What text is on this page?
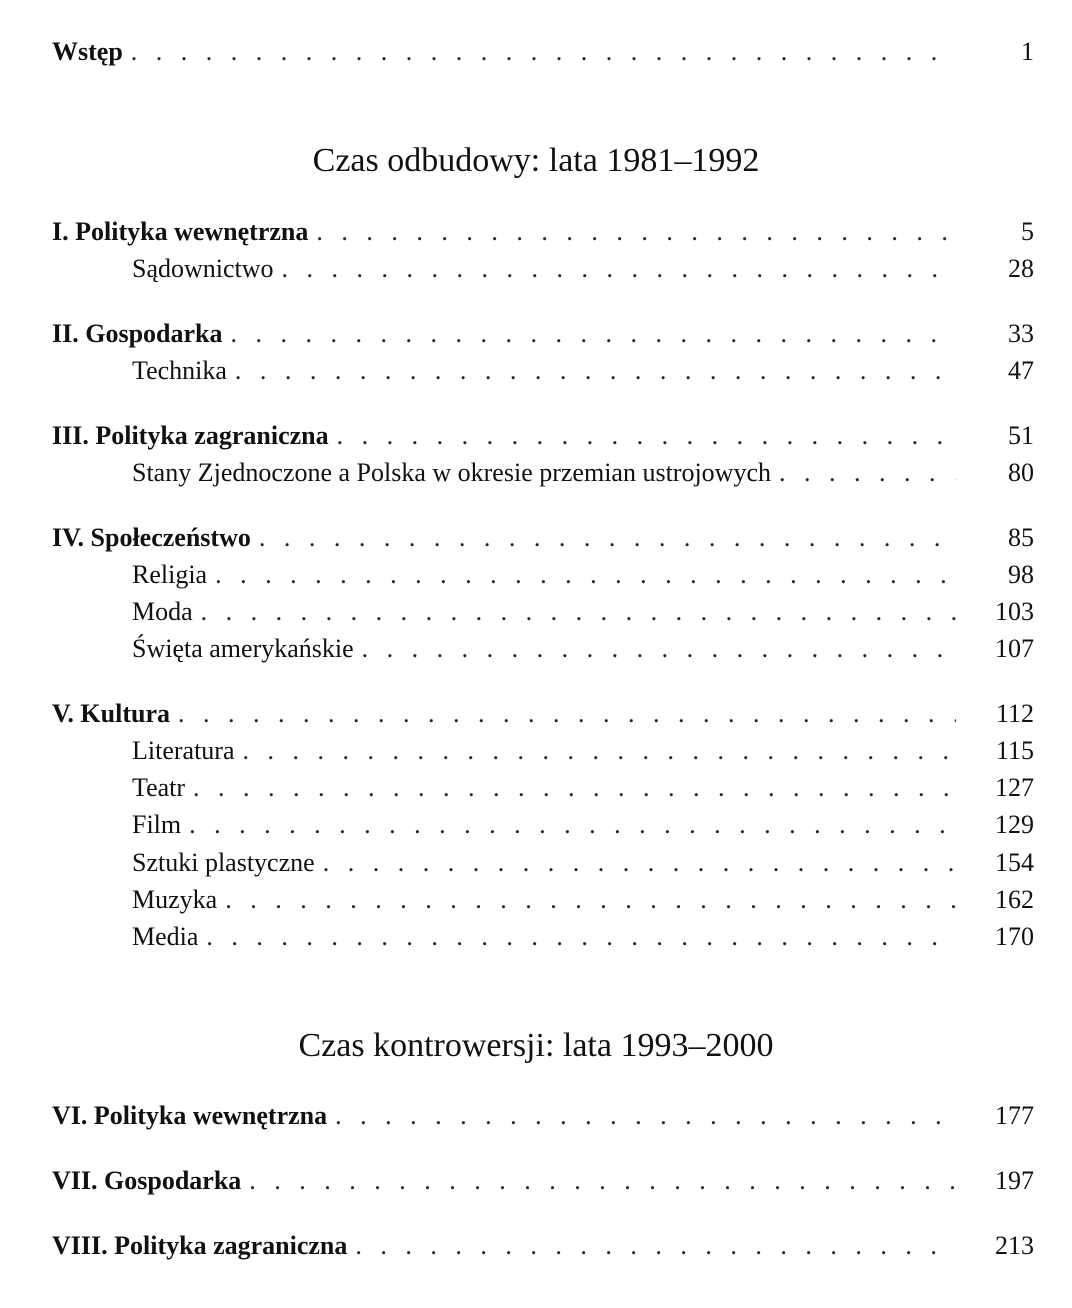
Wstęp . . .	1
Czas odbudowy: lata 1981–1992
I. Polityka wewnętrzna . . .	5
Sądownictwo . . .	28
II. Gospodarka . . .	33
Technika . . .	47
III. Polityka zagraniczna . . .	51
Stany Zjednoczone a Polska w okresie przemian ustrojowych . . .	80
IV. Społeczeństwo . . .	85
Religia . . .	98
Moda . . .	103
Święta amerykańskie . . .	107
V. Kultura . . .	112
Literatura . . .	115
Teatr . . .	127
Film . . .	129
Sztuki plastyczne . . .	154
Muzyka . . .	162
Media . . .	170
Czas kontrowersji: lata 1993–2000
VI. Polityka wewnętrzna . . .	177
VII. Gospodarka . . .	197
VIII. Polityka zagraniczna . . .	213
